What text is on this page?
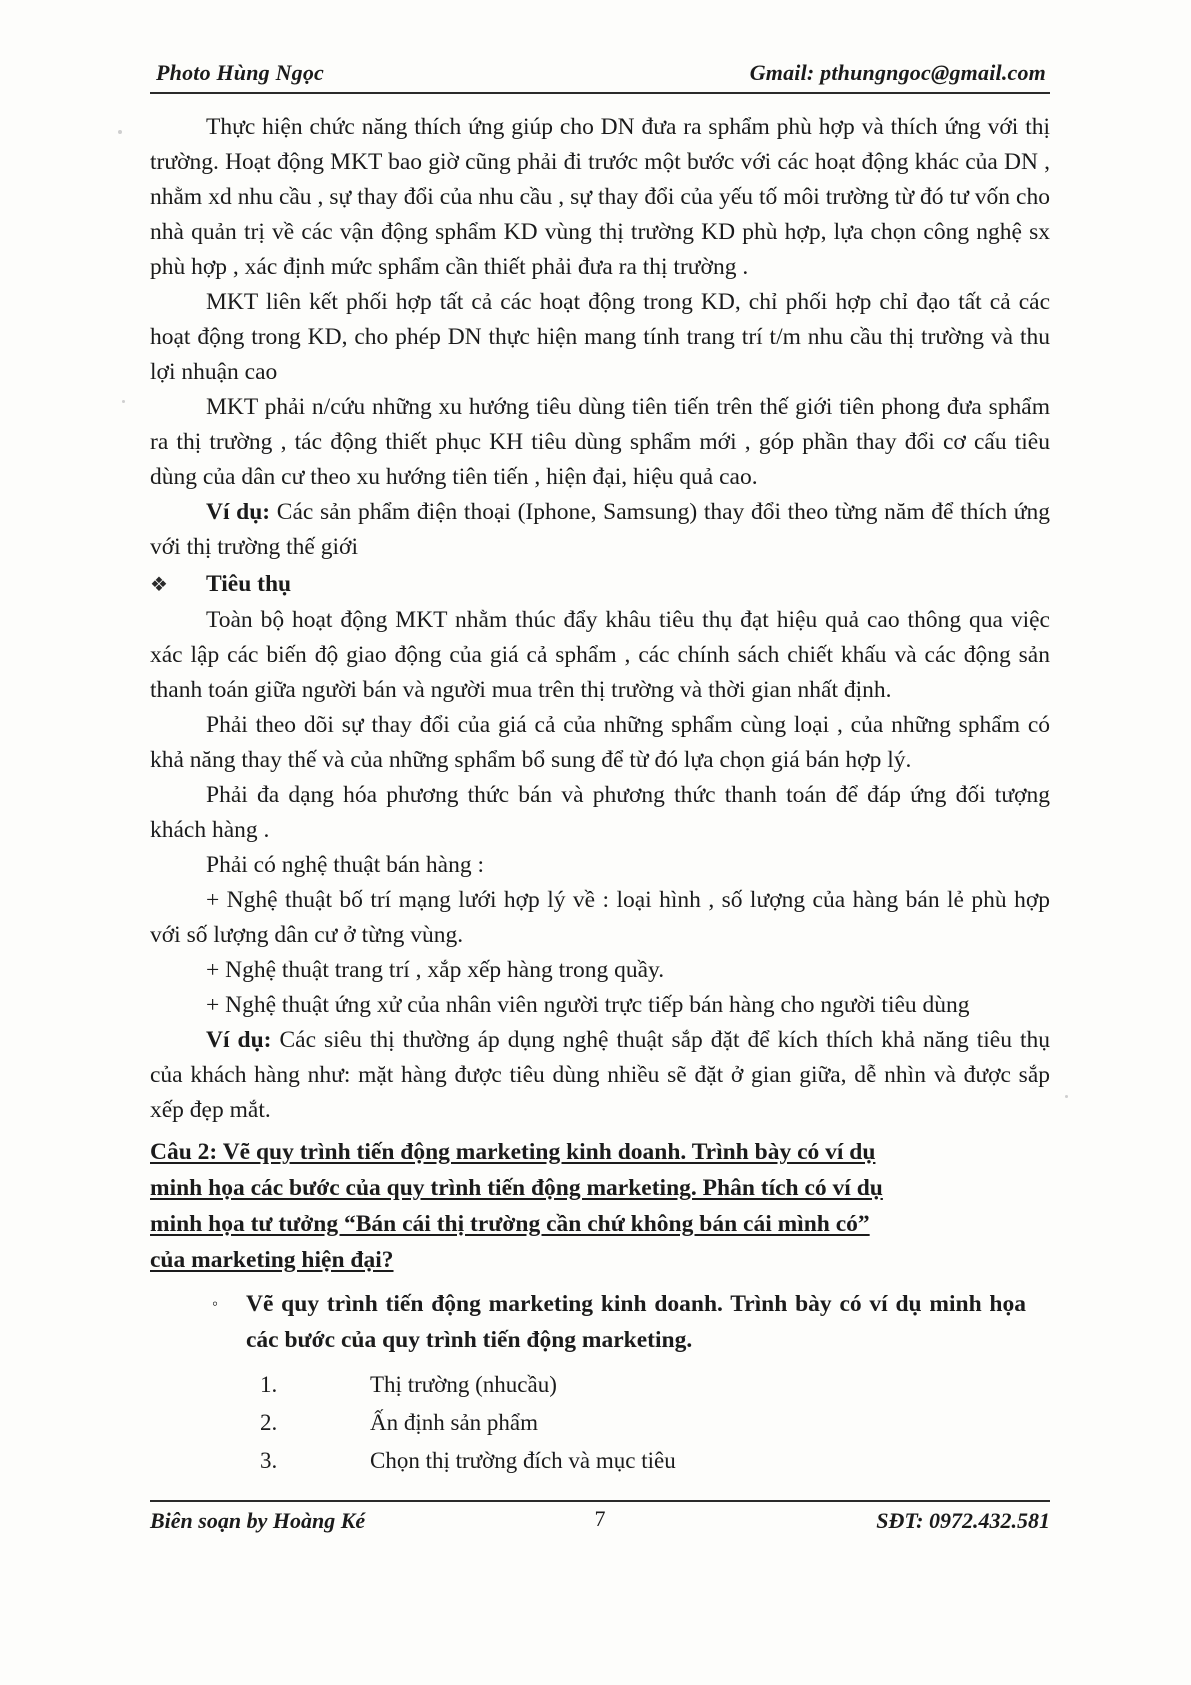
Photo Hùng Ngọc	Gmail: pthungngoc@gmail.com

Thực hiện chức năng thích ứng giúp cho DN đưa ra sphẩm phù hợp và thích ứng với thị trường. Hoạt động MKT bao giờ cũng phải đi trước một bước với các hoạt động khác của DN , nhằm xd nhu cầu , sự thay đổi của nhu cầu , sự thay đổi của yếu tố môi trường từ đó tư vốn cho nhà quản trị về các vận động sphẩm KD vùng thị trường KD phù hợp, lựa chọn công nghệ sx phù hợp , xác định mức sphẩm cần thiết phải đưa ra thị trường .

MKT liên kết phối hợp tất cả các hoạt động trong KD, chỉ phối hợp chỉ đạo tất cả các hoạt động trong KD, cho phép DN thực hiện mang tính trang trí t/m nhu cầu thị trường và thu lợi nhuận cao

MKT phải n/cứu những xu hướng tiêu dùng tiên tiến trên thế giới tiên phong đưa sphẩm ra thị trường , tác động thiết phục KH tiêu dùng sphẩm mới , góp phần thay đổi cơ cấu tiêu dùng của dân cư theo xu hướng tiên tiến , hiện đại, hiệu quả cao.

Ví dụ: Các sản phẩm điện thoại (Iphone, Samsung) thay đổi theo từng năm để thích ứng với thị trường thế giới

❖	Tiêu thụ

Toàn bộ hoạt động MKT nhằm thúc đẩy khâu tiêu thụ đạt hiệu quả cao thông qua việc xác lập các biến độ giao động của giá cả sphẩm , các chính sách chiết khấu và các động sản thanh toán giữa người bán và người mua trên thị trường và thời gian nhất định.

Phải theo dõi sự thay đổi của giá cả của những sphẩm cùng loại , của những sphẩm có khả năng thay thế và của những sphẩm bổ sung để từ đó lựa chọn giá bán hợp lý.

Phải đa dạng hóa phương thức bán và phương thức thanh toán để đáp ứng đối tượng khách hàng .

Phải có nghệ thuật bán hàng :

+ Nghệ thuật bố trí mạng lưới hợp lý về : loại hình , số lượng của hàng bán lẻ phù hợp với số lượng dân cư ở từng vùng.

+ Nghệ thuật trang trí , xắp xếp hàng trong quầy.

+ Nghệ thuật ứng xử của nhân viên người trực tiếp bán hàng cho người tiêu dùng

Ví dụ: Các siêu thị thường áp dụng nghệ thuật sắp đặt để kích thích khả năng tiêu thụ của khách hàng như: mặt hàng được tiêu dùng nhiều sẽ đặt ở gian giữa, dễ nhìn và được sắp xếp đẹp mắt.

Câu 2: Vẽ quy trình tiến động marketing kinh doanh. Trình bày có ví dụ
minh họa các bước của quy trình tiến động marketing. Phân tích có ví dụ
minh họa tư tưởng “Bán cái thị trường cần chứ không bán cái mình có”
của marketing hiện đại?
◦	Vẽ quy trình tiến động marketing kinh doanh. Trình bày có ví dụ minh họa các bước của quy trình tiến động marketing.
1.	Thị trường (nhucầu)
2.	Ấn định sản phẩm
3.	Chọn thị trường đích và mục tiêu
Biên soạn by Hoàng Ké	7	SĐT: 0972.432.581
